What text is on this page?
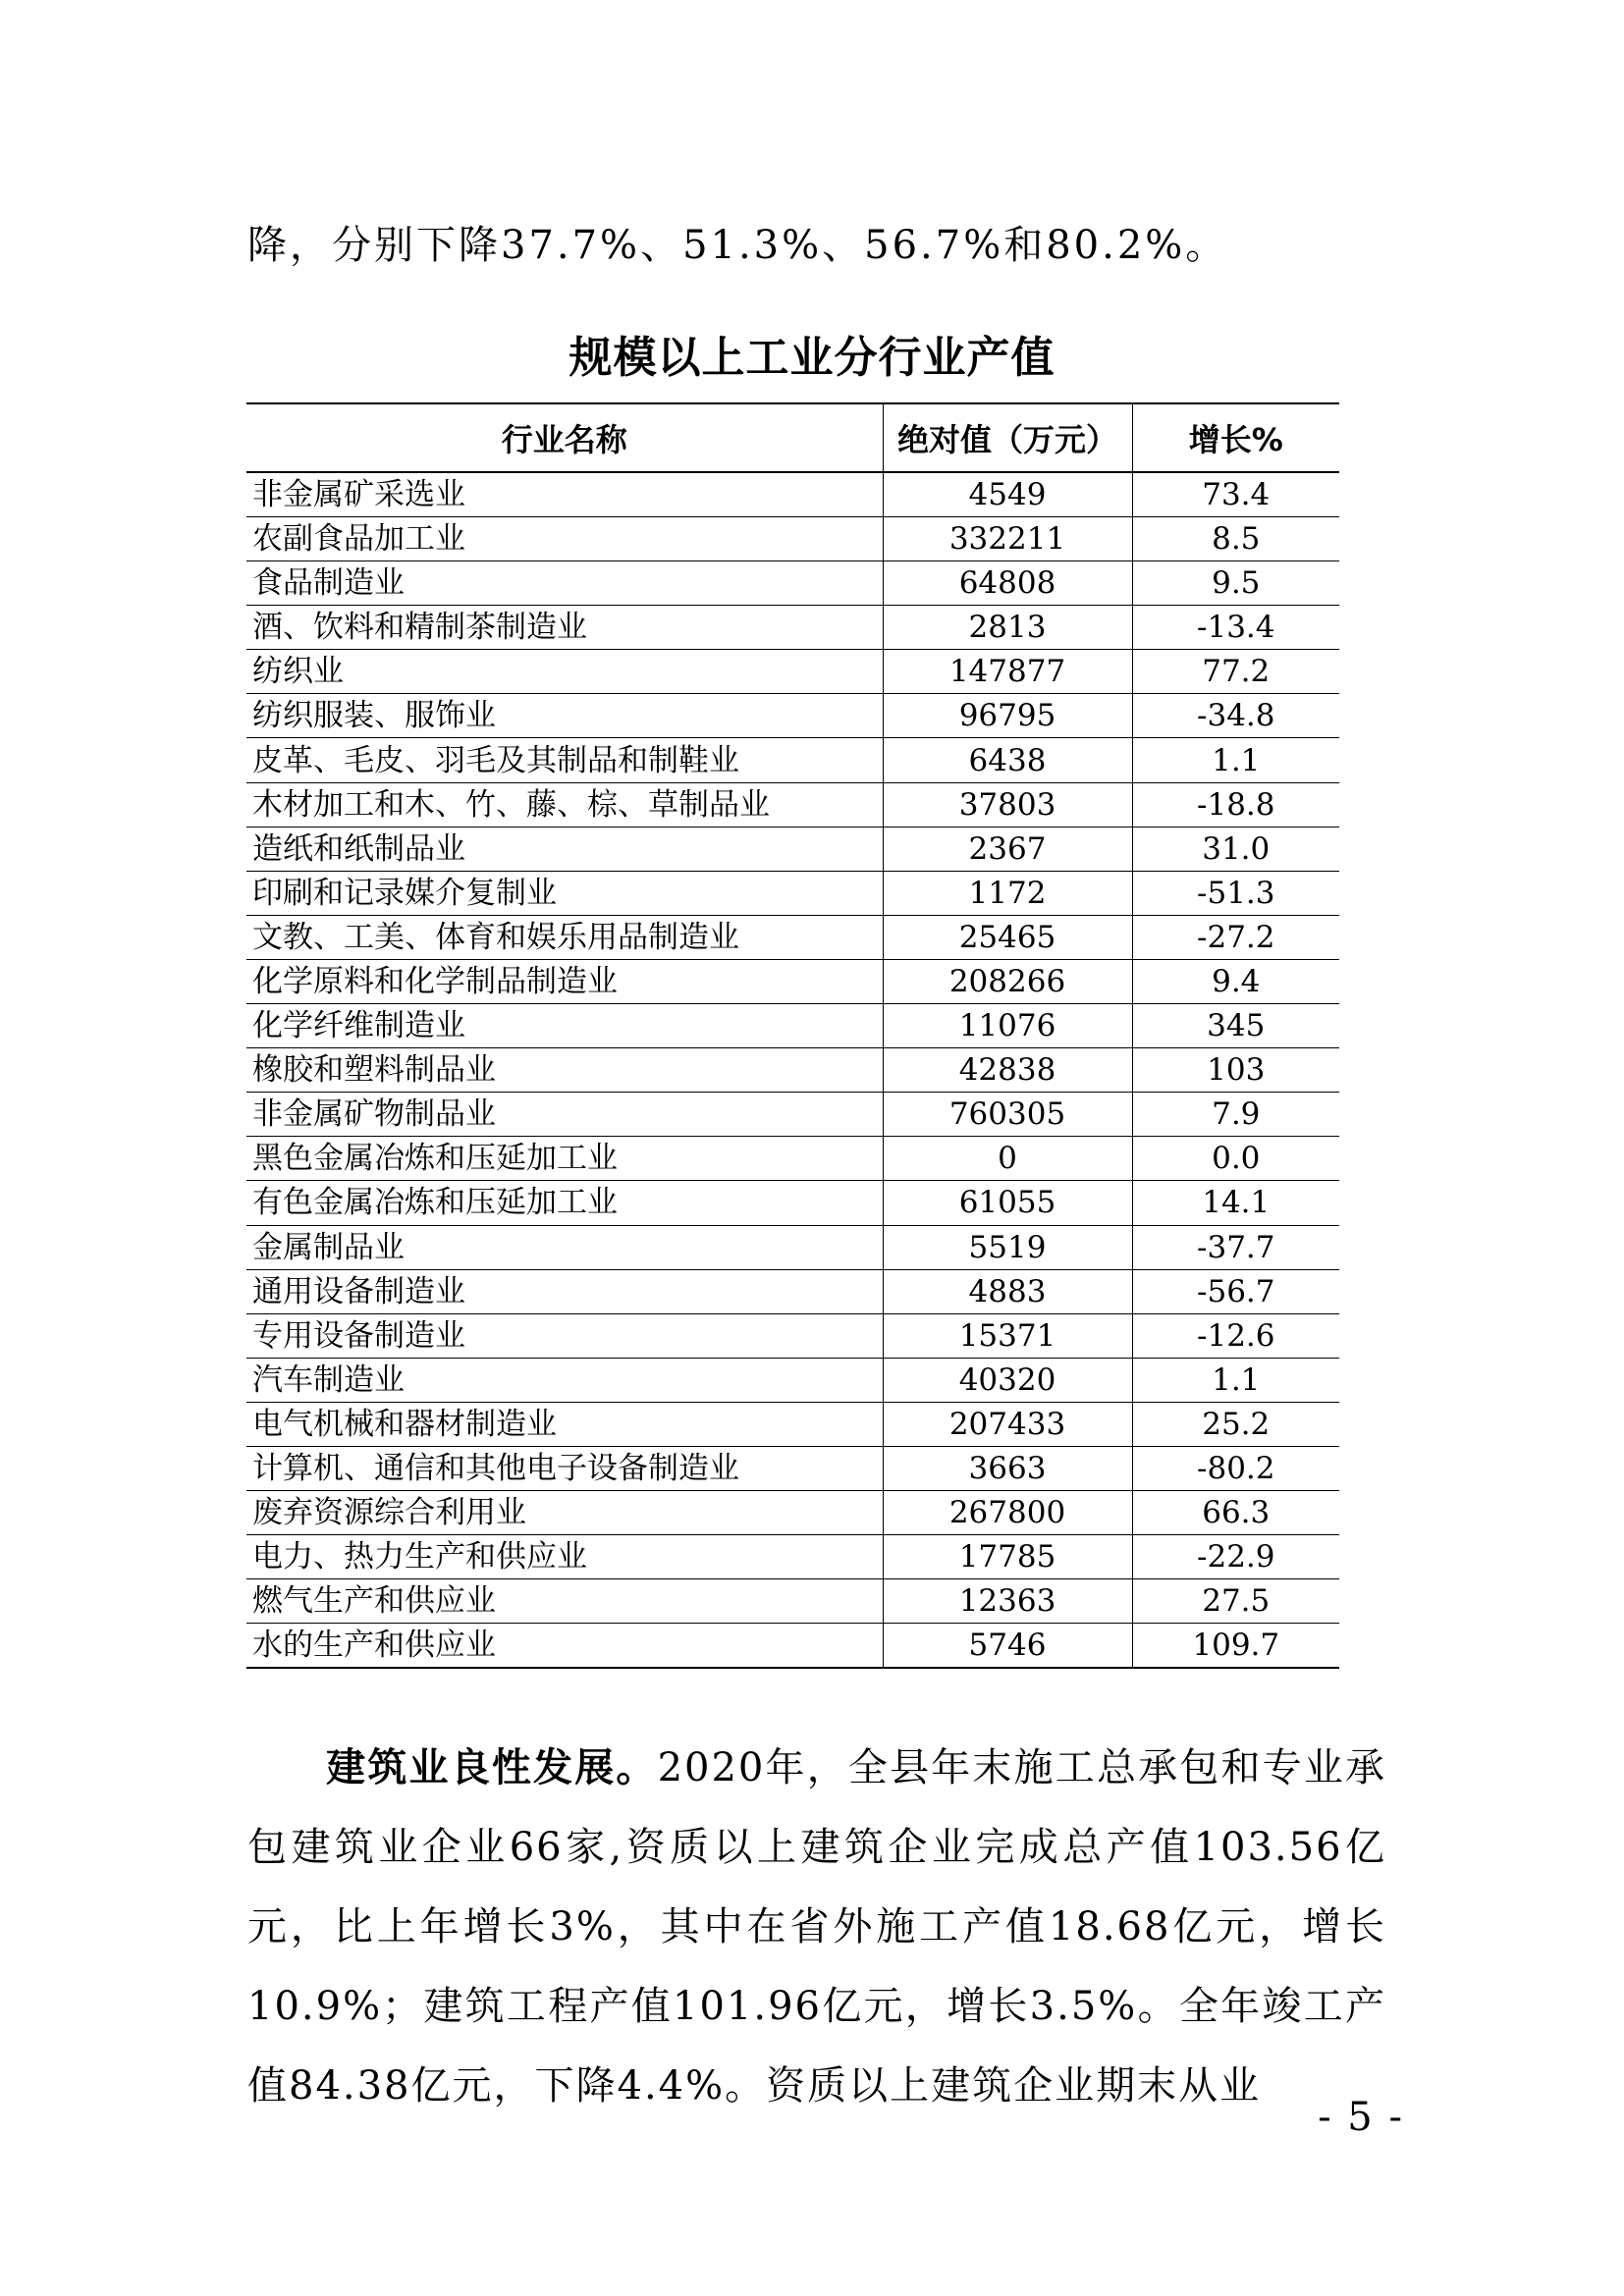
降，分别下降37.7%、51.3%、56.7%和80.2%。
规模以上工业分行业产值
行业名称	绝对值（万元）	增长%
非金属矿采选业	4549	73.4
农副食品加工业	332211	8.5
食品制造业	64808	9.5
酒、饮料和精制茶制造业	2813	-13.4
纺织业	147877	77.2
纺织服装、服饰业	96795	-34.8
皮革、毛皮、羽毛及其制品和制鞋业	6438	1.1
木材加工和木、竹、藤、棕、草制品业	37803	-18.8
造纸和纸制品业	2367	31.0
印刷和记录媒介复制业	1172	-51.3
文教、工美、体育和娱乐用品制造业	25465	-27.2
化学原料和化学制品制造业	208266	9.4
化学纤维制造业	11076	345
橡胶和塑料制品业	42838	103
非金属矿物制品业	760305	7.9
黑色金属冶炼和压延加工业	0	0.0
有色金属冶炼和压延加工业	61055	14.1
金属制品业	5519	-37.7
通用设备制造业	4883	-56.7
专用设备制造业	15371	-12.6
汽车制造业	40320	1.1
电气机械和器材制造业	207433	25.2
计算机、通信和其他电子设备制造业	3663	-80.2
废弃资源综合利用业	267800	66.3
电力、热力生产和供应业	17785	-22.9
燃气生产和供应业	12363	27.5
水的生产和供应业	5746	109.7
建筑业良性发展。2020年，全县年末施工总承包和专业承包建筑业企业66家,资质以上建筑企业完成总产值103.56亿元，比上年增长3%，其中在省外施工产值18.68亿元，增长10.9%；建筑工程产值101.96亿元，增长3.5%。全年竣工产值84.38亿元，下降4.4%。资质以上建筑企业期末从业
- 5 -
